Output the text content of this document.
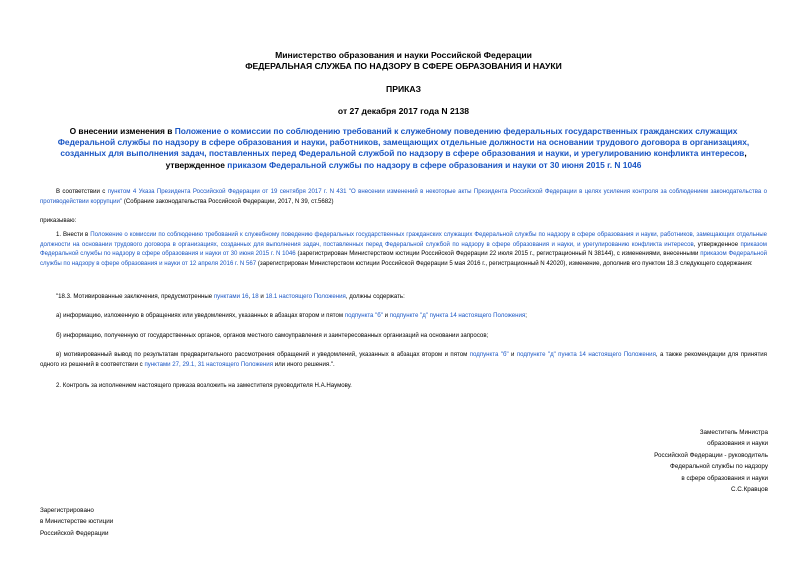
Министерство образования и науки Российской Федерации
ФЕДЕРАЛЬНАЯ СЛУЖБА ПО НАДЗОРУ В СФЕРЕ ОБРАЗОВАНИЯ И НАУКИ
ПРИКАЗ
от 27 декабря 2017 года N 2138
О внесении изменения в Положение о комиссии по соблюдению требований к служебному поведению федеральных государственных гражданских служащих Федеральной службы по надзору в сфере образования и науки, работников, замещающих отдельные должности на основании трудового договора в организациях, созданных для выполнения задач, поставленных перед Федеральной службой по надзору в сфере образования и науки, и урегулированию конфликта интересов, утвержденное приказом Федеральной службы по надзору в сфере образования и науки от 30 июня 2015 г. N 1046
В соответствии с пунктом 4 Указа Президента Российской Федерации от 19 сентября 2017 г. N 431 "О внесении изменений в некоторые акты Президента Российской Федерации в целях усиления контроля за соблюдением законодательства о противодействии коррупции" (Собрание законодательства Российской Федерации, 2017, N 39, ст.5682)
приказываю:
1. Внести в Положение о комиссии по соблюдению требований к служебному поведению федеральных государственных гражданских служащих Федеральной службы по надзору в сфере образования и науки, работников, замещающих отдельные должности на основании трудового договора в организациях, созданных для выполнения задач, поставленных перед Федеральной службой по надзору в сфере образования и науки, и урегулированию конфликта интересов, утвержденное приказом Федеральной службы по надзору в сфере образования и науки от 30 июня 2015 г. N 1046 (зарегистрирован Министерством юстиции Российской Федерации 22 июля 2015 г., регистрационный N 38144), с изменениями, внесенными приказом Федеральной службы по надзору в сфере образования и науки от 12 апреля 2016 г. N 567 (зарегистрирован Министерством юстиции Российской Федерации 5 мая 2016 г., регистрационный N 42020), изменение, дополнив его пунктом 18.3 следующего содержания:
"18.3. Мотивированные заключения, предусмотренные пунктами 16, 18 и 18.1 настоящего Положения, должны содержать:
а) информацию, изложенную в обращениях или уведомлениях, указанных в абзацах втором и пятом подпункта "б" и подпункте "д" пункта 14 настоящего Положения;
б) информацию, полученную от государственных органов, органов местного самоуправления и заинтересованных организаций на основании запросов;
в) мотивированный вывод по результатам предварительного рассмотрения обращений и уведомлений, указанных в абзацах втором и пятом подпункта "б" и подпункте "д" пункта 14 настоящего Положения, а также рекомендации для принятия одного из решений в соответствии с пунктами 27, 29.1, 31 настоящего Положения или иного решения.".
2. Контроль за исполнением настоящего приказа возложить на заместителя руководителя Н.А.Наумову.
Заместитель Министра
образования и науки
Российской Федерации - руководитель
Федеральной службы по надзору
в сфере образования и науки
С.С.Кравцов
Зарегистрировано
в Министерстве юстиции
Российской Федерации
